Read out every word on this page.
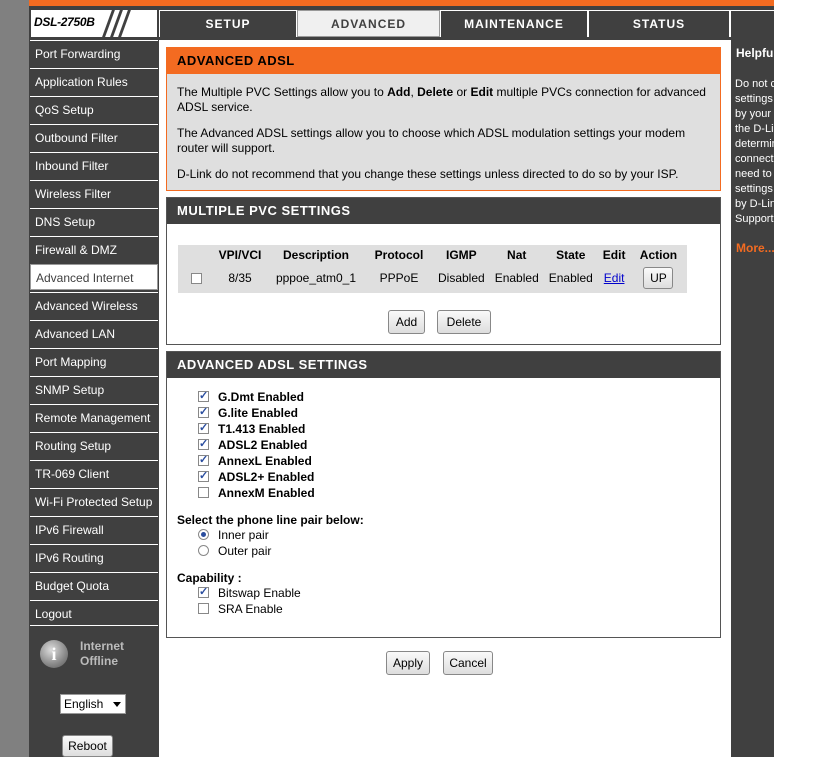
DSL-2750B	SETUP	ADVANCED	MAINTENANCE	STATUS
Port Forwarding
Application Rules
QoS Setup
Outbound Filter
Inbound Filter
Wireless Filter
DNS Setup
Firewall & DMZ
Advanced Internet
Advanced Wireless
Advanced LAN
Port Mapping
SNMP Setup
Remote Management
Routing Setup
TR-069 Client
Wi-Fi Protected Setup
IPv6 Firewall
IPv6 Routing
Budget Quota
Logout
i	Internet
Offline
English
Reboot
ADVANCED ADSL

The Multiple PVC Settings allow you to Add, Delete or Edit multiple PVCs connection for advanced ADSL service.

The Advanced ADSL settings allow you to choose which ADSL modulation settings your modem router will support.

D-Link do not recommend that you change these settings unless directed to do so by your ISP.

MULTIPLE PVC SETTINGS
	VPI/VCI	Description	Protocol	IGMP	Nat	State	Edit	Action
	8/35	pppoe_atm0_1	PPPoE	Disabled	Enabled	Enabled	Edit	UP
Add	Delete
ADVANCED ADSL SETTINGS
✓
G.Dmt Enabled
✓
G.lite Enabled
✓
T1.413 Enabled
✓
ADSL2 Enabled
✓
AnnexL Enabled
✓
ADSL2+ Enabled
AnnexM Enabled
Select the phone line pair below:
Inner pair
Outer pair
Capability :
✓
Bitswap Enable
SRA Enable
Apply	Cancel
Helpful Hints...
Do not change
settings unless
by your ISP.
the D-Link
determine the
connection
need to
settings
by D-Link
Support.
More...
